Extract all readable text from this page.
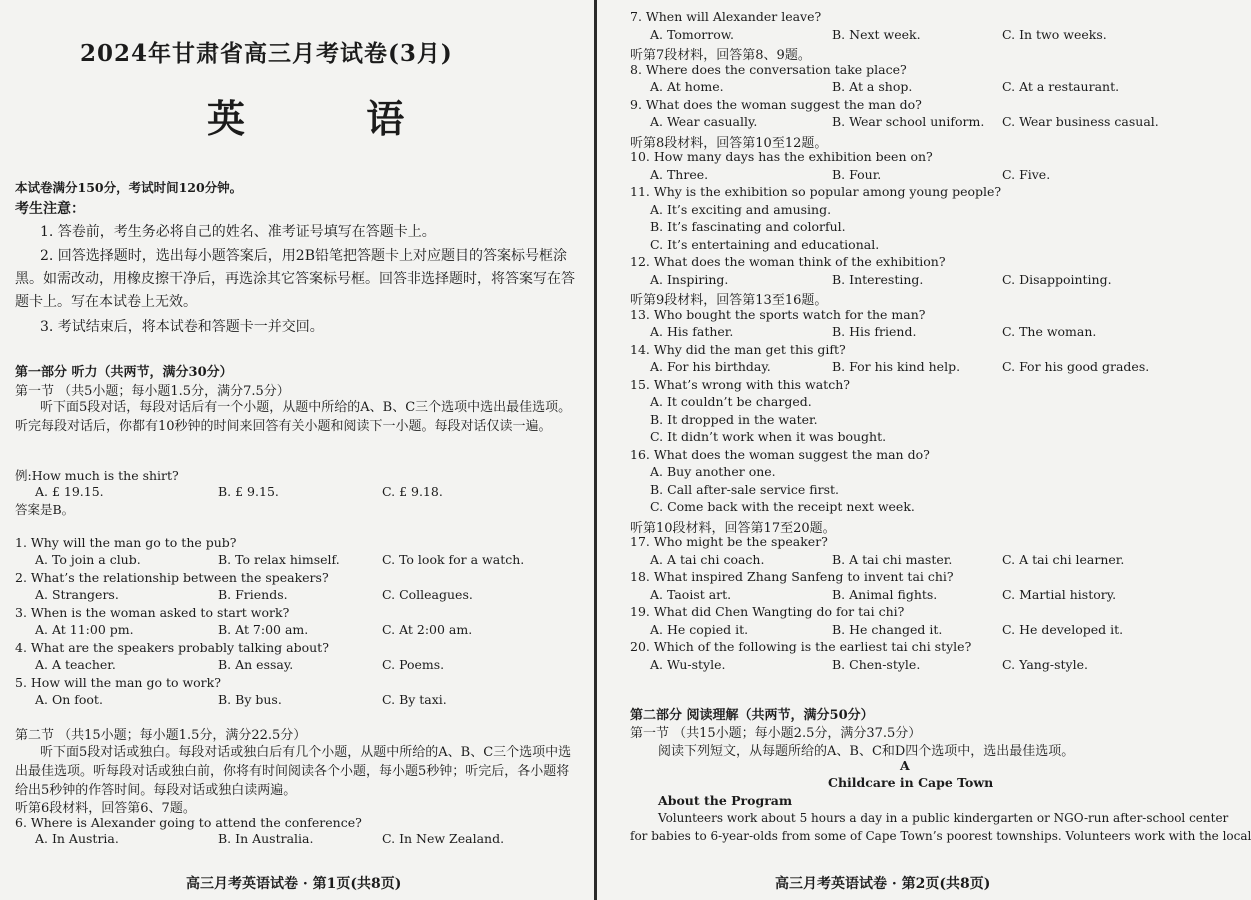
2024年甘肃省高三月考试卷(3月)
英 语
本试卷满分150分，考试时间120分钟。
考生注意：
1. 答卷前，考生务必将自己的姓名、准考证号填写在答题卡上。
2. 回答选择题时，选出每小题答案后，用2B铅笔把答题卡上对应题目的答案标号框涂黑。如需改动，用橡皮擦干净后，再选涂其它答案标号框。回答非选择题时，将答案写在答题卡上。写在本试卷上无效。
3. 考试结束后，将本试卷和答题卡一并交回。
第一部分 听力（共两节，满分30分）
第一节 （共5小题；每小题1.5分，满分7.5分）
听下面5段对话，每段对话后有一个小题，从题中所给的A、B、C三个选项中选出最佳选项。听完每段对话后，你都有10秒钟的时间来回答有关小题和阅读下一小题。每段对话仅读一遍。
例:How much is the shirt?
A. £ 19.15.	B. £ 9.15.	C. £ 9.18.
答案是B。
1. Why will the man go to the pub?
A. To join a club.	B. To relax himself.	C. To look for a watch.
2. What’s the relationship between the speakers?
A. Strangers.	B. Friends.	C. Colleagues.
3. When is the woman asked to start work?
A. At 11:00 pm.	B. At 7:00 am.	C. At 2:00 am.
4. What are the speakers probably talking about?
A. A teacher.	B. An essay.	C. Poems.
5. How will the man go to work?
A. On foot.	B. By bus.	C. By taxi.
第二节 （共15小题；每小题1.5分，满分22.5分）
听下面5段对话或独白。每段对话或独白后有几个小题，从题中所给的A、B、C三个选项中选出最佳选项。听每段对话或独白前，你将有时间阅读各个小题，每小题5秒钟；听完后，各小题将给出5秒钟的作答时间。每段对话或独白读两遍。
听第6段材料，回答第6、7题。
6. Where is Alexander going to attend the conference?
A. In Austria.	B. In Australia.	C. In New Zealand.
高三月考英语试卷 · 第1页(共8页)
7. When will Alexander leave?
A. Tomorrow.	B. Next week.	C. In two weeks.
听第7段材料，回答第8、9题。
8. Where does the conversation take place?
A. At home.	B. At a shop.	C. At a restaurant.
9. What does the woman suggest the man do?
A. Wear casually.	B. Wear school uniform. C. Wear business casual.
听第8段材料，回答第10至12题。
10. How many days has the exhibition been on?
A. Three.	B. Four.	C. Five.
11. Why is the exhibition so popular among young people?
A. It’s exciting and amusing.
B. It’s fascinating and colorful.
C. It’s entertaining and educational.
12. What does the woman think of the exhibition?
A. Inspiring.	B. Interesting.	C. Disappointing.
听第9段材料，回答第13至16题。
13. Who bought the sports watch for the man?
A. His father.	B. His friend.	C. The woman.
14. Why did the man get this gift?
A. For his birthday.	B. For his kind help.	C. For his good grades.
15. What’s wrong with this watch?
A. It couldn’t be charged.
B. It dropped in the water.
C. It didn’t work when it was bought.
16. What does the woman suggest the man do?
A. Buy another one.
B. Call after-sale service first.
C. Come back with the receipt next week.
听第10段材料，回答第17至20题。
17. Who might be the speaker?
A. A tai chi coach.	B. A tai chi master.	C. A tai chi learner.
18. What inspired Zhang Sanfeng to invent tai chi?
A. Taoist art.	B. Animal fights.	C. Martial history.
19. What did Chen Wangting do for tai chi?
A. He copied it.	B. He changed it.	C. He developed it.
20. Which of the following is the earliest tai chi style?
A. Wu-style.	B. Chen-style.	C. Yang-style.
第二部分 阅读理解（共两节，满分50分）
第一节 （共15小题；每小题2.5分，满分37.5分）
阅读下列短文，从每题所给的A、B、C和D四个选项中，选出最佳选项。
A
Childcare in Cape Town
About the Program
Volunteers work about 5 hours a day in a public kindergarten or NGO-run after-school center
for babies to 6-year-olds from some of Cape Town’s poorest townships. Volunteers work with the local
高三月考英语试卷 · 第2页(共8页)
